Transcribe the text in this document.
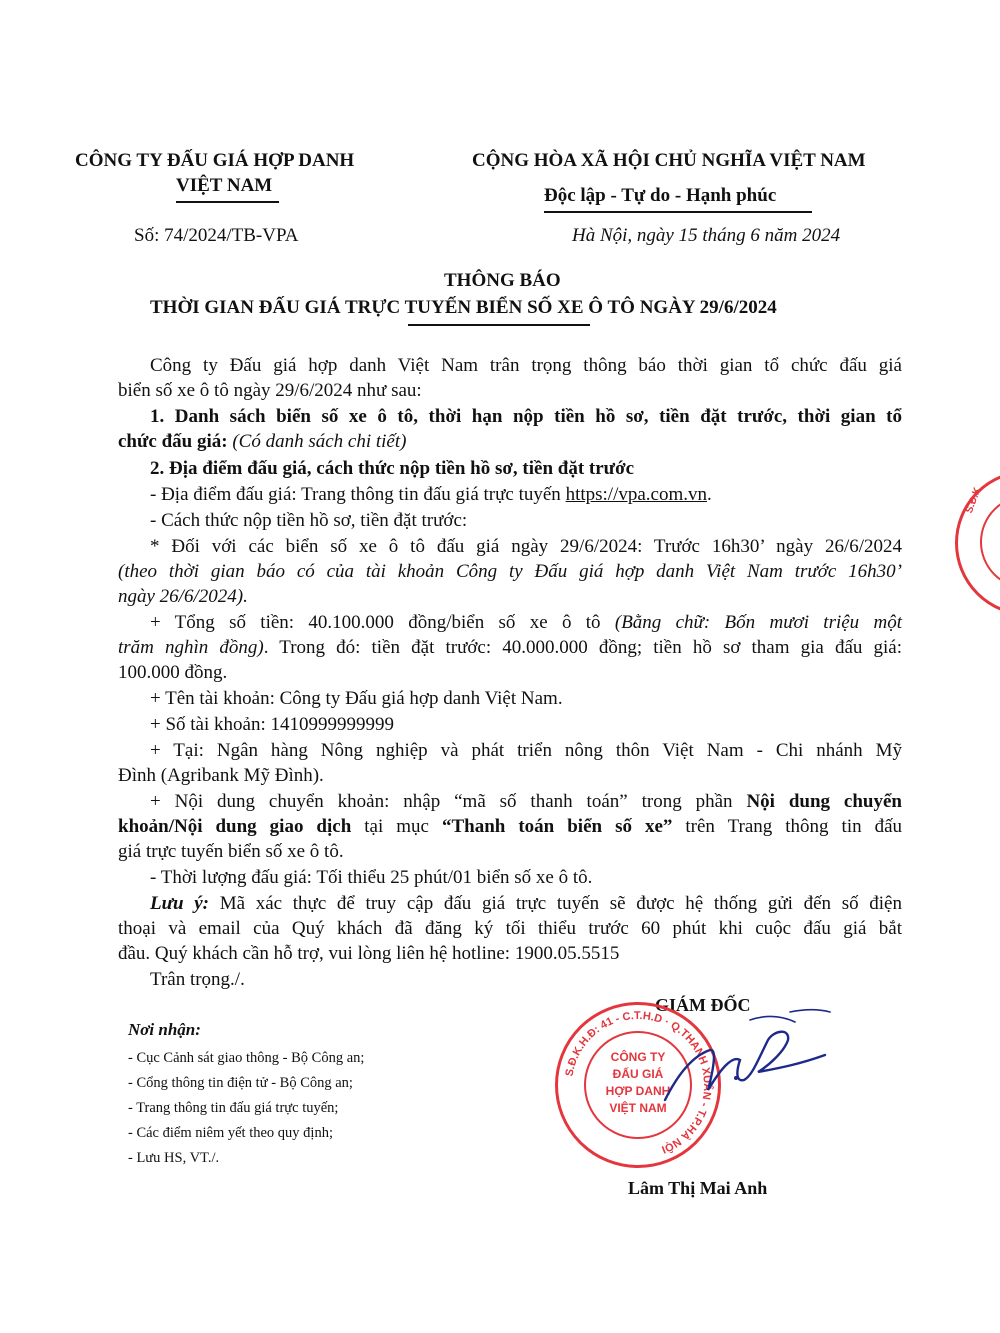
CÔNG TY ĐẤU GIÁ HỢP DANH
VIỆT NAM
Số: 74/2024/TB-VPA
CỘNG HÒA XÃ HỘI CHỦ NGHĨA VIỆT NAM
Độc lập - Tự do - Hạnh phúc
Hà Nội, ngày 15 tháng 6 năm 2024
THÔNG BÁO
THỜI GIAN ĐẤU GIÁ TRỰC TUYẾN BIỂN SỐ XE Ô TÔ NGÀY 29/6/2024
Công ty Đấu giá hợp danh Việt Nam trân trọng thông báo thời gian tổ chức đấu giá
biển số xe ô tô ngày 29/6/2024 như sau:
1. Danh sách biển số xe ô tô, thời hạn nộp tiền hồ sơ, tiền đặt trước, thời gian tổ
chức đấu giá: (Có danh sách chi tiết)
2. Địa điểm đấu giá, cách thức nộp tiền hồ sơ, tiền đặt trước
- Địa điểm đấu giá: Trang thông tin đấu giá trực tuyến https://vpa.com.vn.
- Cách thức nộp tiền hồ sơ, tiền đặt trước:
* Đối với các biển số xe ô tô đấu giá ngày 29/6/2024: Trước 16h30’ ngày 26/6/2024
(theo thời gian báo có của tài khoản Công ty Đấu giá hợp danh Việt Nam trước 16h30’
ngày 26/6/2024).
+ Tổng số tiền: 40.100.000 đồng/biển số xe ô tô (Bằng chữ: Bốn mươi triệu một
trăm nghìn đồng). Trong đó: tiền đặt trước: 40.000.000 đồng; tiền hồ sơ tham gia đấu giá:
100.000 đồng.
+ Tên tài khoản: Công ty Đấu giá hợp danh Việt Nam.
+ Số tài khoản: 1410999999999
+ Tại: Ngân hàng Nông nghiệp và phát triển nông thôn Việt Nam - Chi nhánh Mỹ
Đình (Agribank Mỹ Đình).
+ Nội dung chuyển khoản: nhập “mã số thanh toán” trong phần Nội dung chuyển
khoản/Nội dung giao dịch tại mục “Thanh toán biển số xe” trên Trang thông tin đấu
giá trực tuyến biển số xe ô tô.
- Thời lượng đấu giá: Tối thiểu 25 phút/01 biển số xe ô tô.
Lưu ý: Mã xác thực để truy cập đấu giá trực tuyến sẽ được hệ thống gửi đến số điện
thoại và email của Quý khách đã đăng ký tối thiểu trước 60 phút khi cuộc đấu giá bắt
đầu. Quý khách cần hỗ trợ, vui lòng liên hệ hotline: 1900.05.5515
Trân trọng./.
Nơi nhận:
- Cục Cảnh sát giao thông - Bộ Công an;
- Cổng thông tin điện tử - Bộ Công an;
- Trang thông tin đấu giá trực tuyến;
- Các điểm niêm yết theo quy định;
- Lưu HS, VT./.
GIÁM ĐỐC
S.Đ.K.H.Đ: 41 - C.T.H.D · Q.THANH XUÂN - T.P.HÀ NỘI
CÔNG TY
ĐẤU GIÁ
HỢP DANH
VIỆT NAM
Lâm Thị Mai Anh
S.Đ.K
